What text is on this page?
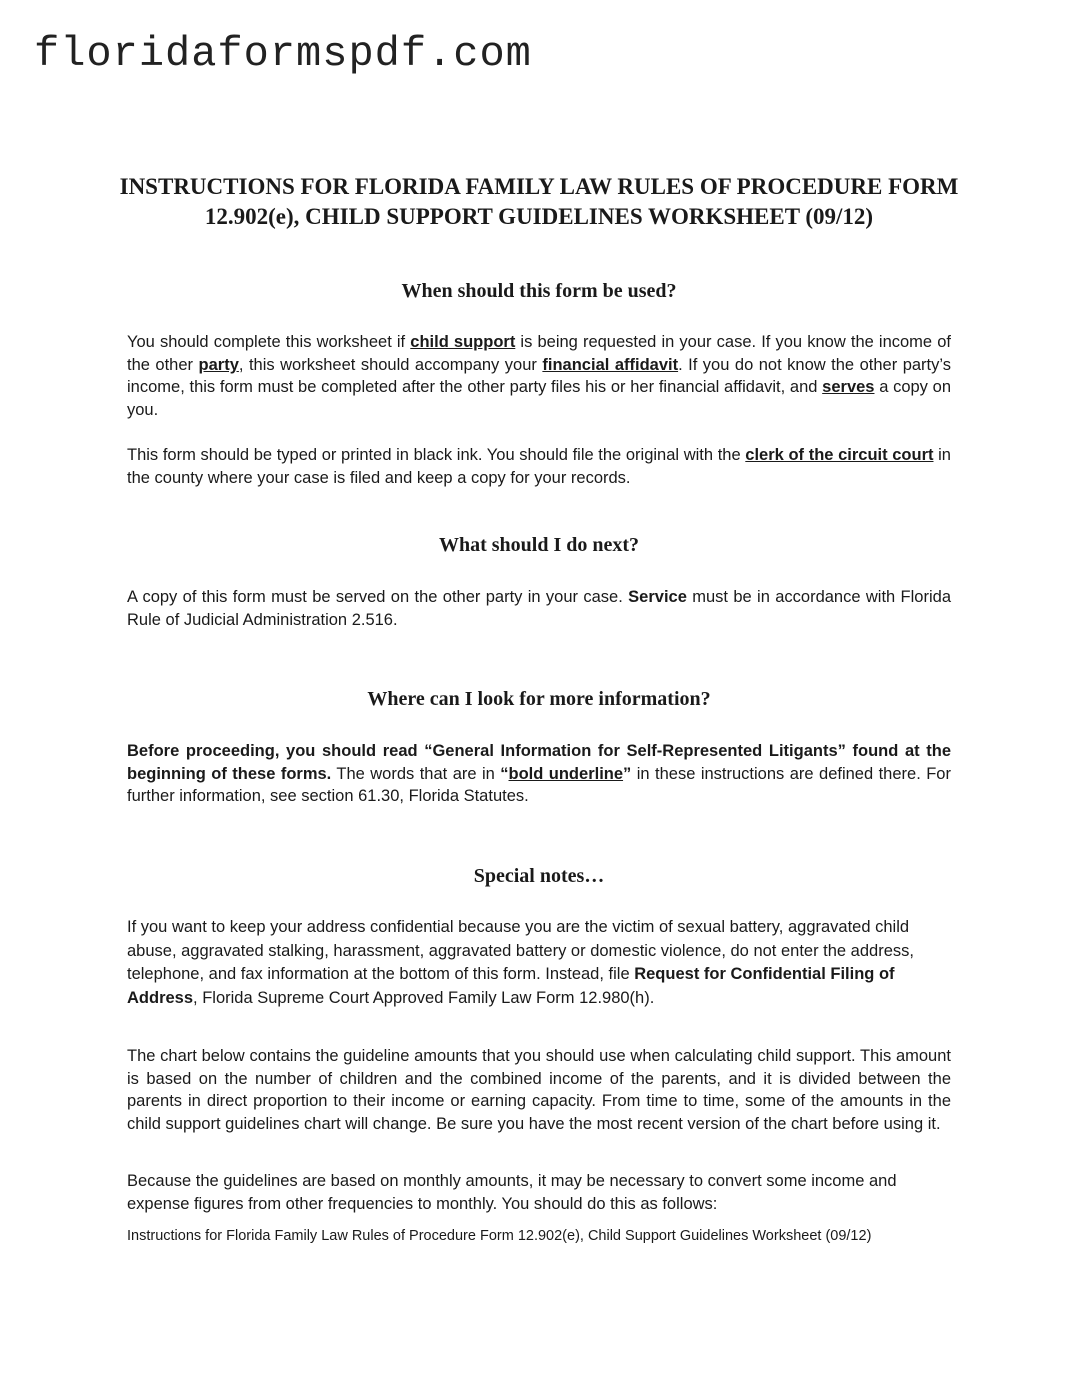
floridaformspdf.com
INSTRUCTIONS FOR FLORIDA FAMILY LAW RULES OF PROCEDURE FORM
12.902(e), CHILD SUPPORT GUIDELINES WORKSHEET (09/12)
When should this form be used?

You should complete this worksheet if child support is being requested in your case. If you know the income of the other party, this worksheet should accompany your financial affidavit. If you do not know the other party’s income, this form must be completed after the other party files his or her financial affidavit, and serves a copy on you.

This form should be typed or printed in black ink. You should file the original with the clerk of the circuit court in the county where your case is filed and keep a copy for your records.

What should I do next?

A copy of this form must be served on the other party in your case. Service must be in accordance with Florida Rule of Judicial Administration 2.516.

Where can I look for more information?

Before proceeding, you should read “General Information for Self-Represented Litigants” found at the beginning of these forms. The words that are in “bold underline” in these instructions are defined there. For further information, see section 61.30, Florida Statutes.

Special notes…

If you want to keep your address confidential because you are the victim of sexual battery, aggravated child abuse, aggravated stalking, harassment, aggravated battery or domestic violence, do not enter the address, telephone, and fax information at the bottom of this form. Instead, file Request for Confidential Filing of Address, Florida Supreme Court Approved Family Law Form 12.980(h).

The chart below contains the guideline amounts that you should use when calculating child support. This amount is based on the number of children and the combined income of the parents, and it is divided between the parents in direct proportion to their income or earning capacity. From time to time, some of the amounts in the child support guidelines chart will change. Be sure you have the most recent version of the chart before using it.

Because the guidelines are based on monthly amounts, it may be necessary to convert some income and expense figures from other frequencies to monthly. You should do this as follows:

Instructions for Florida Family Law Rules of Procedure Form 12.902(e), Child Support Guidelines Worksheet (09/12)
